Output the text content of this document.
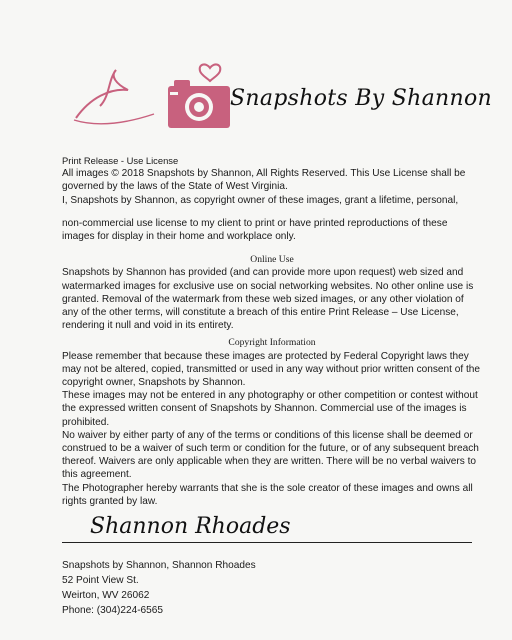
Snapshots By Shannon

Print Release - Use License

All images © 2018 Snapshots by Shannon, All Rights Reserved. This Use License shall be governed by the laws of the State of West Virginia.

I, Snapshots by Shannon, as copyright owner of these images, grant a lifetime, personal,

non-commercial use license to my client to print or have printed reproductions of these images for display in their home and workplace only.

Online Use

Snapshots by Shannon has provided (and can provide more upon request) web sized and watermarked images for exclusive use on social networking websites. No other online use is granted. Removal of the watermark from these web sized images, or any other violation of any of the other terms, will constitute a breach of this entire Print Release – Use License, rendering it null and void in its entirety.

Copyright Information

Please remember that because these images are protected by Federal Copyright laws they may not be altered, copied, transmitted or used in any way without prior written consent of the copyright owner, Snapshots by Shannon.

These images may not be entered in any photography or other competition or contest without the expressed written consent of Snapshots by Shannon. Commercial use of the images is prohibited.

No waiver by either party of any of the terms or conditions of this license shall be deemed or construed to be a waiver of such term or condition for the future, or of any subsequent breach thereof. Waivers are only applicable when they are written. There will be no verbal waivers to this agreement.

The Photographer hereby warrants that she is the sole creator of these images and owns all rights granted by law.

Shannon Rhoades

Snapshots by Shannon, Shannon Rhoades

52 Point View St.

Weirton, WV 26062

Phone: (304)224-6565
